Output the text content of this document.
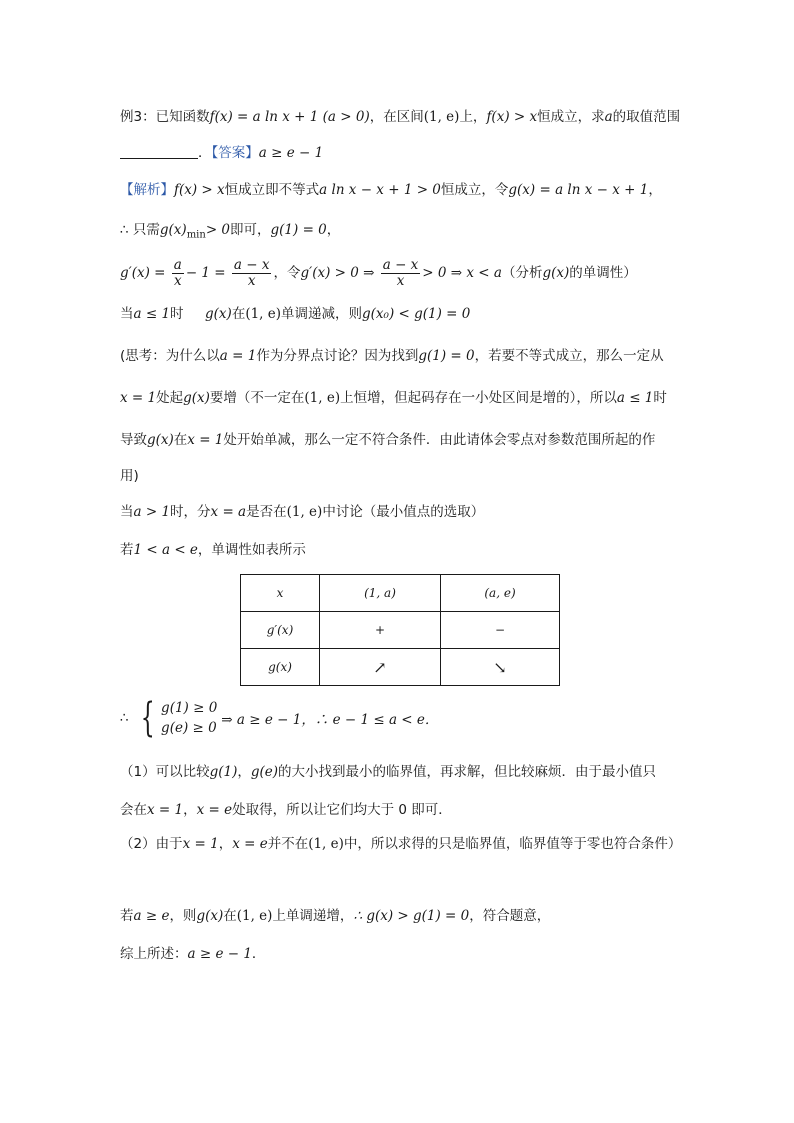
例3：已知函数f(x) = a ln x + 1 (a > 0)，在区间(1, e)上，f(x) > x恒成立，求a的取值范围
．【答案】a ≥ e − 1
【解析】f(x) > x恒成立即不等式a ln x − x + 1 > 0恒成立，令g(x) = a ln x − x + 1，
∴ 只需$g(x)_{min}> 0$即可，g(1) = 0，
$g'(x) = \frac{a}{x} - 1 = \frac{a - x}{x}$ ，令g′(x) > 0 ⇒ $\frac{a - x}{x} > 0$ ⇒ x < a（分析g(x)的单调性）
当a ≤ 1时 g(x)在(1, e)单调递减，则g(x₀) < g(1) = 0
(思考：为什么以a = 1作为分界点讨论？因为找到g(1) = 0，若要不等式成立，那么一定从
x = 1处起g(x)要增（不一定在(1, e)上恒增，但起码存在一小处区间是增的），所以a ≤ 1时
导致g(x)在x = 1处开始单减，那么一定不符合条件．由此请体会零点对参数范围所起的作
用)
当a > 1时，分x = a是否在(1, e)中讨论（最小值点的选取）
若1 < a < e，单调性如表所示
x	(1, a)	(a, e)
g′(x)	+	−
g(x)	↗	↘
∴ { g(1) ≥ 0
g(e) ≥ 0 ⇒ a ≥ e − 1，∴ e − 1 ≤ a < e．
（1）可以比较g(1)，g(e)的大小找到最小的临界值，再求解，但比较麻烦．由于最小值只
会在x = 1，x = e处取得，所以让它们均大于 0 即可．
（2）由于x = 1，x = e并不在(1, e)中，所以求得的只是临界值，临界值等于零也符合条件）
若a ≥ e，则g(x)在(1, e)上单调递增，∴ g(x) > g(1) = 0，符合题意，
综上所述：a ≥ e − 1．
